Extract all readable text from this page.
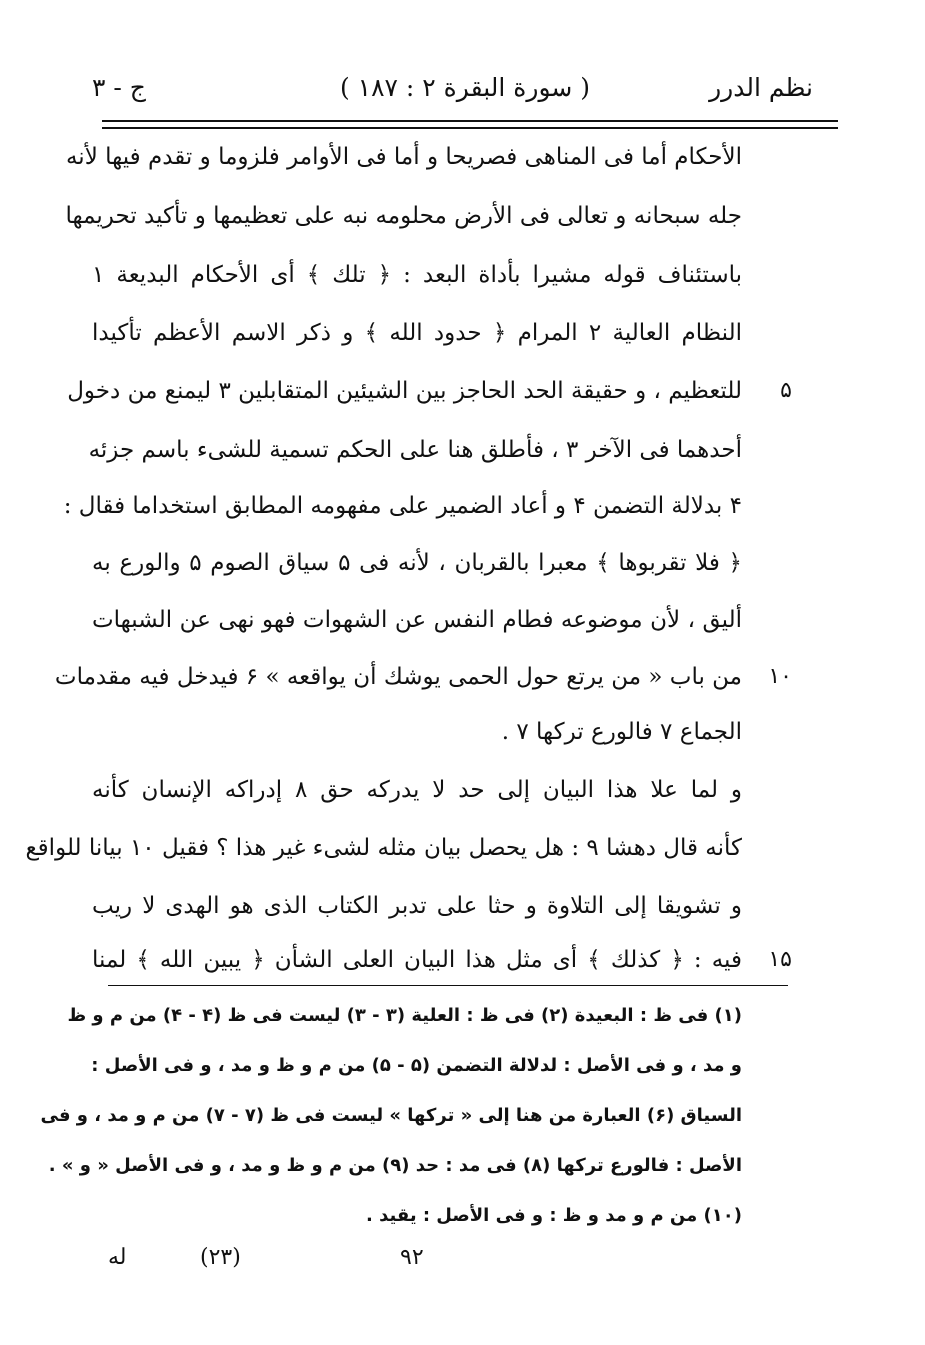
نظم الدرر
( سورة البقرة ۲ : ۱۸۷ )
ج - ۳
الأحكام أما فى المناهى فصريحا و أما فى الأوامر فلزوما و تقدم فيها لأنه
جله سبحانه و تعالى فى الأرض محلومه نبه على تعظيمها و تأكيد تحريمها
باستئناف قوله مشيرا بأداة البعد : ﴿ تلك ﴾ أى الأحكام البديعة ۱
النظام العالية ۲ المرام ﴿ حدود الله ﴾ و ذكر الاسم الأعظم تأكيدا
للتعظيم ، و حقيقة الحد الحاجز بين الشيئين المتقابلين ۳ ليمنع من دخول
أحدهما فى الآخر ۳ ، فأطلق هنا على الحكم تسمية للشىء باسم جزئه
۴ بدلالة التضمن ۴ و أعاد الضمير على مفهومه المطابق استخداما فقال :
﴿ فلا تقربوها ﴾ معبرا بالقربان ، لأنه فى ۵ سياق الصوم ۵ والورع به
أليق ، لأن موضوعه فطام النفس عن الشهوات فهو نهى عن الشبهات
من باب « من يرتع حول الحمى يوشك أن يواقعه » ۶ فيدخل فيه مقدمات
الجماع ۷ فالورع تركها ۷ .
و لما علا هذا البيان إلى حد لا يدركه حق ۸ إدراكه الإنسان كأنه
كأنه قال دهشا ۹ : هل يحصل بيان مثله لشىء غير هذا ؟ فقيل ۱۰ بيانا للواقع
و تشويقا إلى التلاوة و حثا على تدبر الكتاب الذى هو الهدى لا ريب
فيه : ﴿ كذلك ﴾ أى مثل هذا البيان العلى الشأن ﴿ يبين الله ﴾ لمنا
۵
۱۰
۱۵
(۱) فى ظ : البعيدة (۲) فى ظ : العلية (۳ - ۳) ليست فى ظ (۴ - ۴) من م و ظ
و مد ، و فى الأصل : لدلالة التضمن (۵ - ۵) من م و ظ و مد ، و فى الأصل :
السياق (۶) العبارة من هنا إلى « تركها » ليست فى ظ (۷ - ۷) من م و مد ، و فى
الأصل : فالورع تركها (۸) فى مد : حد (۹) من م و ظ و مد ، و فى الأصل « و » .
(۱۰) من م و مد و ظ : و فى الأصل : يقيد .
له	(۲۳)	۹۲
